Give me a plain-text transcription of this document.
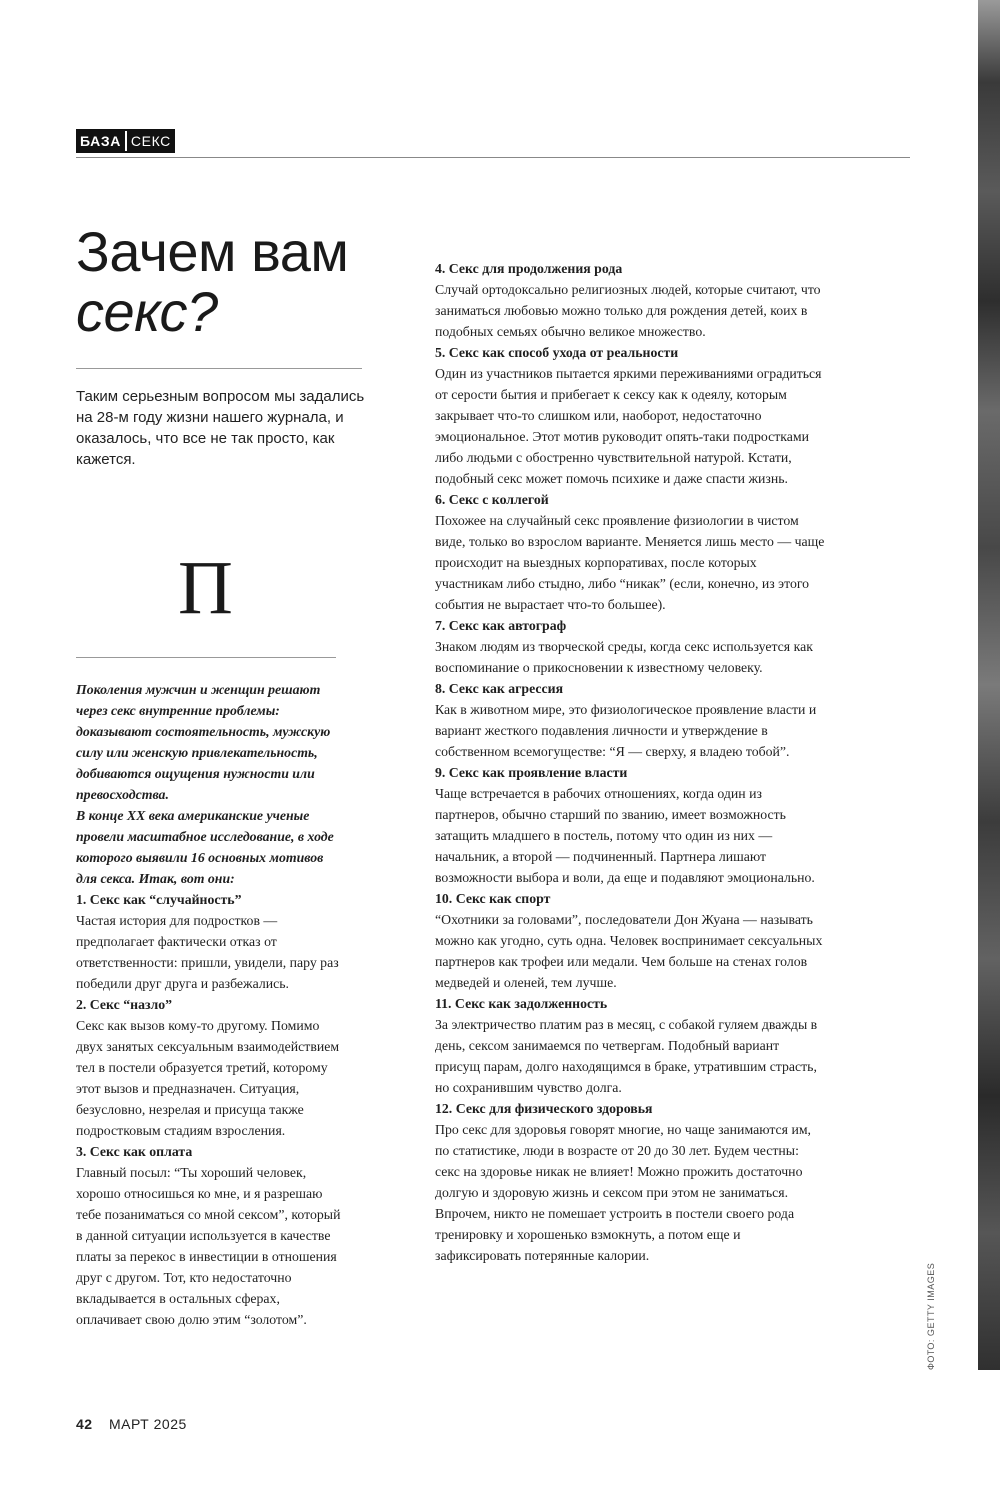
ФОТО: GETTY IMAGES
БАЗА СЕКС
Зачем вам
секс?

Таким серьезным вопросом мы задались на 28-м году жизни нашего журнала, и оказалось, что все не так просто, как кажется.

П

Поколения мужчин и женщин решают через секс внутренние проблемы: доказывают состоятельность, мужскую силу или женскую привлекательность, добиваются ощущения нужности или превосходства.

В конце XX века американские ученые провели масштабное исследование, в ходе которого выявили 16 основных мотивов для секса. Итак, вот они:

1. Секс как “случайность”

Частая история для подростков — предполагает фактически отказ от ответственности: пришли, увидели, пару раз победили друг друга и разбежались.

2. Секс “назло”

Секс как вызов кому-то другому. Помимо двух занятых сексуальным взаимодействием тел в постели образуется третий, которому этот вызов и предназначен. Ситуация, безусловно, незрелая и присуща также подростковым стадиям взросления.

3. Секс как оплата

Главный посыл: “Ты хороший человек, хорошо относишься ко мне, и я разрешаю тебе позаниматься со мной сексом”, который в данной ситуации используется в качестве платы за перекос в инвестиции в отношения друг с другом. Тот, кто недостаточно вкладывается в остальных сферах, оплачивает свою долю этим “золотом”.

4. Секс для продолжения рода

Случай ортодоксально религиозных людей, которые считают, что заниматься любовью можно только для рождения детей, коих в подобных семьях обычно великое множество.

5. Секс как способ ухода от реальности

Один из участников пытается яркими переживаниями оградиться от серости бытия и прибегает к сексу как к одеялу, которым закрывает что-то слишком или, наоборот, недостаточно эмоциональное. Этот мотив руководит опять-таки подростками либо людьми с обостренно чувствительной натурой. Кстати, подобный секс может помочь психике и даже спасти жизнь.

6. Секс с коллегой

Похожее на случайный секс проявление физиологии в чистом виде, только во взрослом варианте. Меняется лишь место — чаще происходит на выездных корпоративах, после которых участникам либо стыдно, либо “никак” (если, конечно, из этого события не вырастает что-то большее).

7. Секс как автограф

Знаком людям из творческой среды, когда секс используется как воспоминание о прикосновении к известному человеку.

8. Секс как агрессия

Как в животном мире, это физиологическое проявление власти и вариант жесткого подавления личности и утверждение в собственном всемогуществе: “Я — сверху, я владею тобой”.

9. Секс как проявление власти

Чаще встречается в рабочих отношениях, когда один из партнеров, обычно старший по званию, имеет возможность затащить младшего в постель, потому что один из них — начальник, а второй — подчиненный. Партнера лишают возможности выбора и воли, да еще и подавляют эмоционально.

10. Секс как спорт

“Охотники за головами”, последователи Дон Жуана — называть можно как угодно, суть одна. Человек воспринимает сексуальных партнеров как трофеи или медали. Чем больше на стенах голов медведей и оленей, тем лучше.

11. Секс как задолженность

За электричество платим раз в месяц, с собакой гуляем дважды в день, сексом занимаемся по четвергам. Подобный вариант присущ парам, долго находящимся в браке, утратившим страсть, но сохранившим чувство долга.

12. Секс для физического здоровья

Про секс для здоровья говорят многие, но чаще занимаются им, по статистике, люди в возрасте от 20 до 30 лет. Будем честны: секс на здоровье никак не влияет! Можно прожить достаточно долгую и здоровую жизнь и сексом при этом не заниматься. Впрочем, никто не помешает устроить в постели своего рода тренировку и хорошенько взмокнуть, а потом еще и зафиксировать потерянные калории.

42 МАРТ 2025
